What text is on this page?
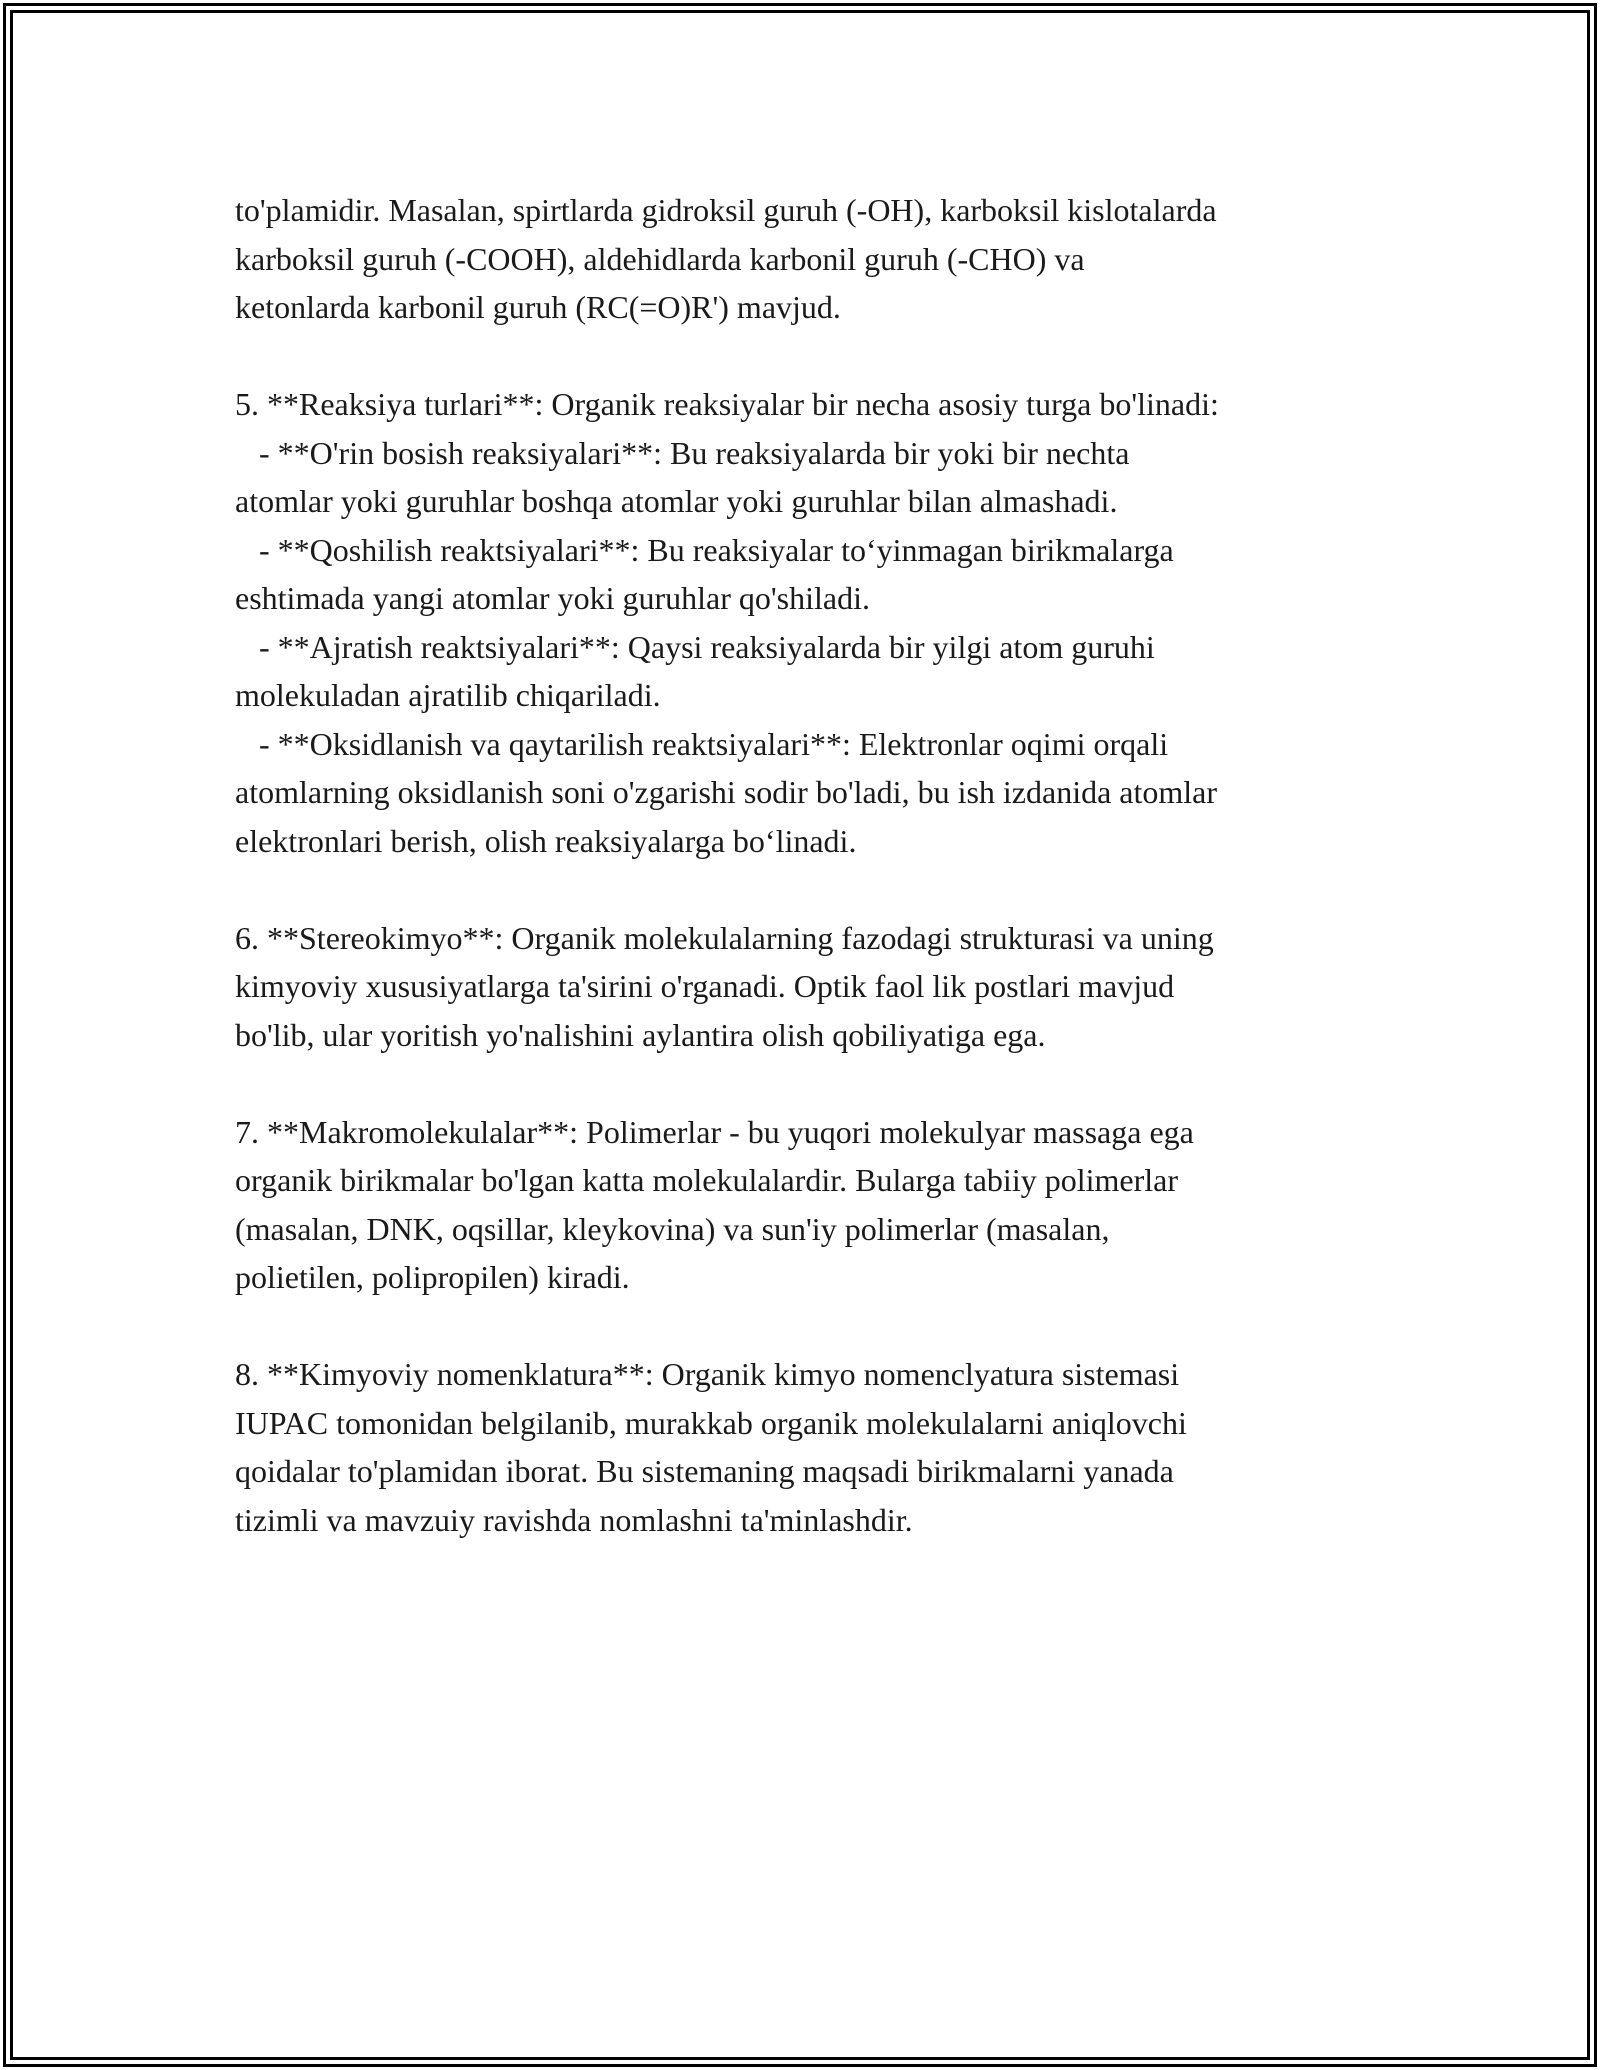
to'plamidir. Masalan, spirtlarda gidroksil guruh (-OH), karboksil kislotalarda
karboksil guruh (-COOH), aldehidlarda karbonil guruh (-CHO) va
ketonlarda karbonil guruh (RC(=O)R') mavjud.
5. **Reaksiya turlari**: Organik reaksiyalar bir necha asosiy turga bo'linadi:
- **O'rin bosish reaksiyalari**: Bu reaksiyalarda bir yoki bir nechta
atomlar yoki guruhlar boshqa atomlar yoki guruhlar bilan almashadi.
- **Qoshilish reaktsiyalari**: Bu reaksiyalar to‘yinmagan birikmalarga
eshtimada yangi atomlar yoki guruhlar qo'shiladi.
- **Ajratish reaktsiyalari**: Qaysi reaksiyalarda bir yilgi atom guruhi
molekuladan ajratilib chiqariladi.
- **Oksidlanish va qaytarilish reaktsiyalari**: Elektronlar oqimi orqali
atomlarning oksidlanish soni o'zgarishi sodir bo'ladi, bu ish izdanida atomlar
elektronlari berish, olish reaksiyalarga bo‘linadi.
6. **Stereokimyo**: Organik molekulalarning fazodagi strukturasi va uning
kimyoviy xususiyatlarga ta'sirini o'rganadi. Optik faol lik postlari mavjud
bo'lib, ular yoritish yo'nalishini aylantira olish qobiliyatiga ega.
7. **Makromolekulalar**: Polimerlar - bu yuqori molekulyar massaga ega
organik birikmalar bo'lgan katta molekulalardir. Bularga tabiiy polimerlar
(masalan, DNK, oqsillar, kleykovina) va sun'iy polimerlar (masalan,
polietilen, polipropilen) kiradi.
8. **Kimyoviy nomenklatura**: Organik kimyo nomenclyatura sistemasi
IUPAC tomonidan belgilanib, murakkab organik molekulalarni aniqlovchi
qoidalar to'plamidan iborat. Bu sistemaning maqsadi birikmalarni yanada
tizimli va mavzuiy ravishda nomlashni ta'minlashdir.
